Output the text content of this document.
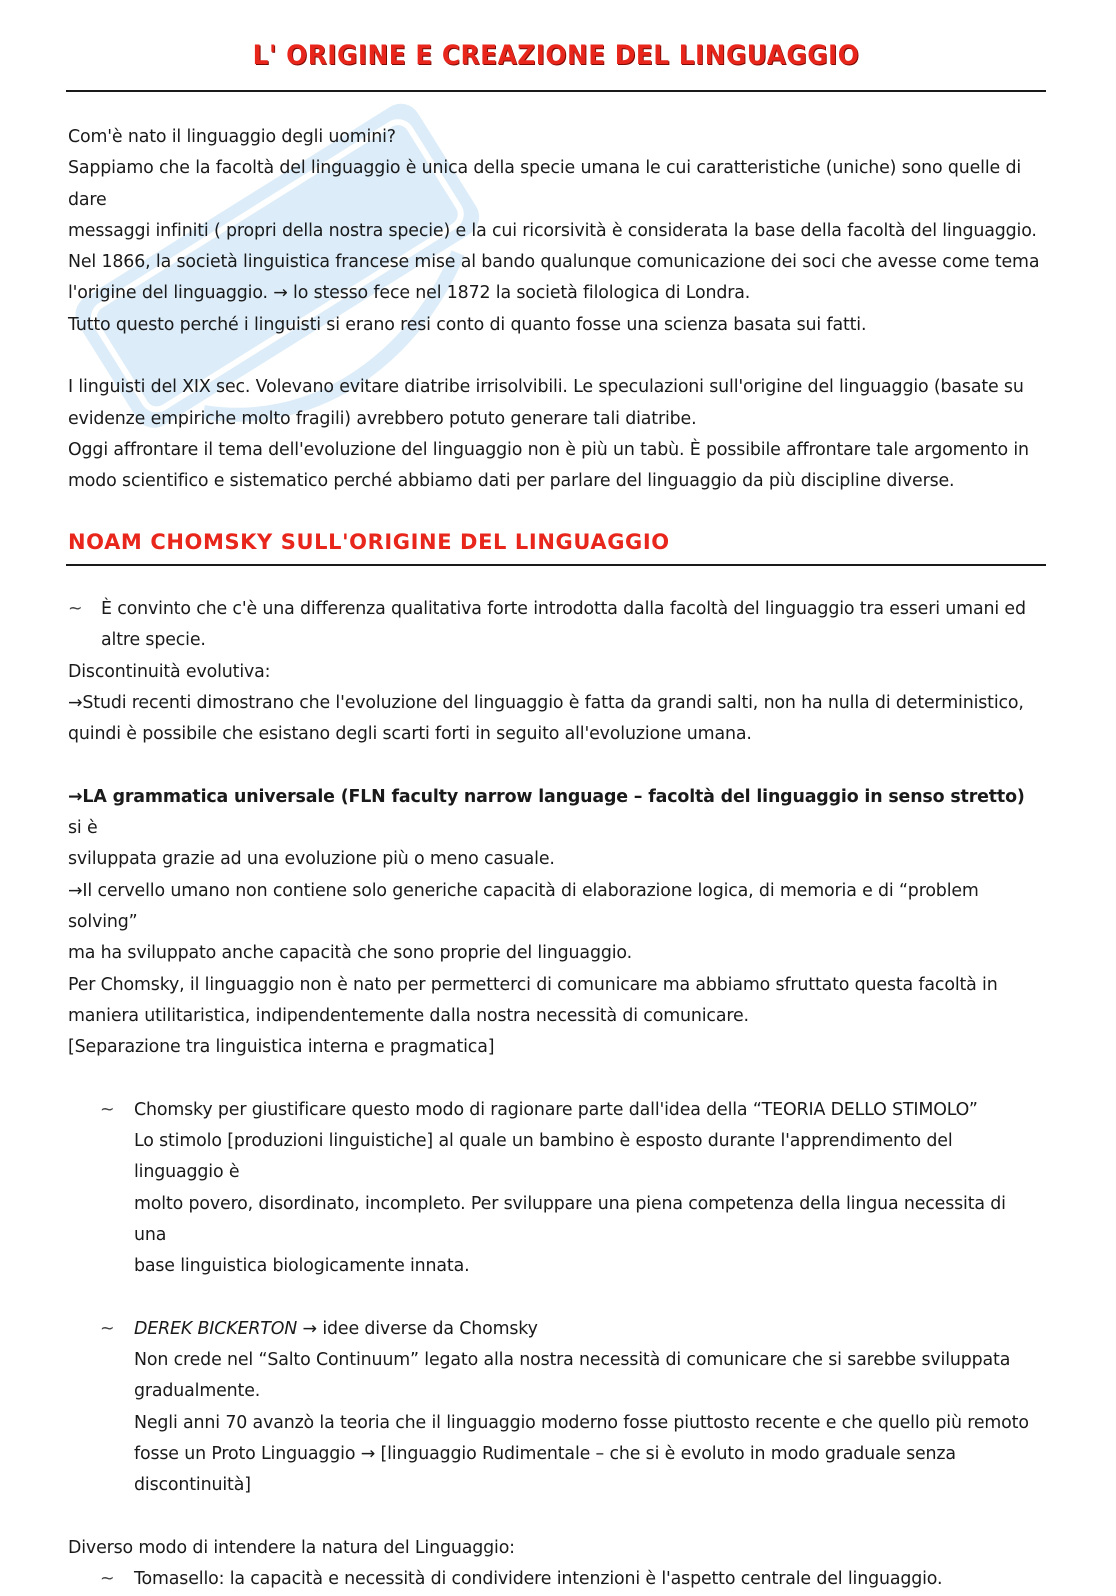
L' ORIGINE E CREAZIONE DEL LINGUAGGIO

Com'è nato il linguaggio degli uomini?

Sappiamo che la facoltà del linguaggio è unica della specie umana le cui caratteristiche (uniche) sono quelle di dare

messaggi infiniti ( propri della nostra specie) e la cui ricorsività è considerata la base della facoltà del linguaggio.

Nel 1866, la società linguistica francese mise al bando qualunque comunicazione dei soci che avesse come tema

l'origine del linguaggio. → lo stesso fece nel 1872 la società filologica di Londra.

Tutto questo perché i linguisti si erano resi conto di quanto fosse una scienza basata sui fatti.

I linguisti del XIX sec. Volevano evitare diatribe irrisolvibili. Le speculazioni sull'origine del linguaggio (basate su

evidenze empiriche molto fragili) avrebbero potuto generare tali diatribe.

Oggi affrontare il tema dell'evoluzione del linguaggio non è più un tabù. È possibile affrontare tale argomento in

modo scientifico e sistematico perché abbiamo dati per parlare del linguaggio da più discipline diverse.

NOAM CHOMSKY SULL'ORIGINE DEL LINGUAGGIO
~ È convinto che c'è una differenza qualitativa forte introdotta dalla facoltà del linguaggio tra esseri umani ed

altre specie.

Discontinuità evolutiva:

→Studi recenti dimostrano che l'evoluzione del linguaggio è fatta da grandi salti, non ha nulla di deterministico,

quindi è possibile che esistano degli scarti forti in seguito all'evoluzione umana.

→LA grammatica universale (FLN faculty narrow language – facoltà del linguaggio in senso stretto) si è

sviluppata grazie ad una evoluzione più o meno casuale.

→Il cervello umano non contiene solo generiche capacità di elaborazione logica, di memoria e di “problem solving”

ma ha sviluppato anche capacità che sono proprie del linguaggio.

Per Chomsky, il linguaggio non è nato per permetterci di comunicare ma abbiamo sfruttato questa facoltà in

maniera utilitaristica, indipendentemente dalla nostra necessità di comunicare.

[Separazione tra linguistica interna e pragmatica]

~ Chomsky per giustificare questo modo di ragionare parte dall'idea della “TEORIA DELLO STIMOLO”

Lo stimolo [produzioni linguistiche] al quale un bambino è esposto durante l'apprendimento del linguaggio è

molto povero, disordinato, incompleto. Per sviluppare una piena competenza della lingua necessita di una

base linguistica biologicamente innata.

~ DEREK BICKERTON → idee diverse da Chomsky

Non crede nel “Salto Continuum” legato alla nostra necessità di comunicare che si sarebbe sviluppata

gradualmente.

Negli anni 70 avanzò la teoria che il linguaggio moderno fosse piuttosto recente e che quello più remoto

fosse un Proto Linguaggio → [linguaggio Rudimentale – che si è evoluto in modo graduale senza

discontinuità]

Diverso modo di intendere la natura del Linguaggio:

~ Tomasello: la capacità e necessità di condividere intenzioni è l'aspetto centrale del linguaggio.
